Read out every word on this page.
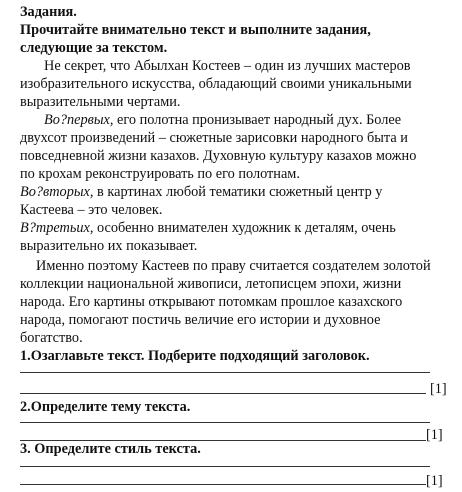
Задания.
Прочитайте внимательно текст и выполните задания,
следующие за текстом.
Не секрет, что Абылхан Костеев – один из лучших мастеров
изобразительного искусства, обладающий своими уникальными
выразительными чертами.
Во?первых, его полотна пронизывает народный дух. Более
двухсот произведений – сюжетные зарисовки народного быта и
повседневной жизни казахов. Духовную культуру казахов можно
по крохам реконструировать по его полотнам.
Во?вторых, в картинах любой тематики сюжетный центр у
Кастеева – это человек.
В?третьих, особенно внимателен художник к деталям, очень
выразительно их показывает.
Именно поэтому Кастеев по праву считается создателем золотой
коллекции национальной живописи, летописцем эпохи, жизни
народа. Его картины открывают потомкам прошлое казахского
народа, помогают постичь величие его истории и духовное
богатство.
1.Озаглавьте текст. Подберите подходящий заголовок.
[1]
2.Определите тему текста.
[1]
3. Определите стиль текста.
[1]
